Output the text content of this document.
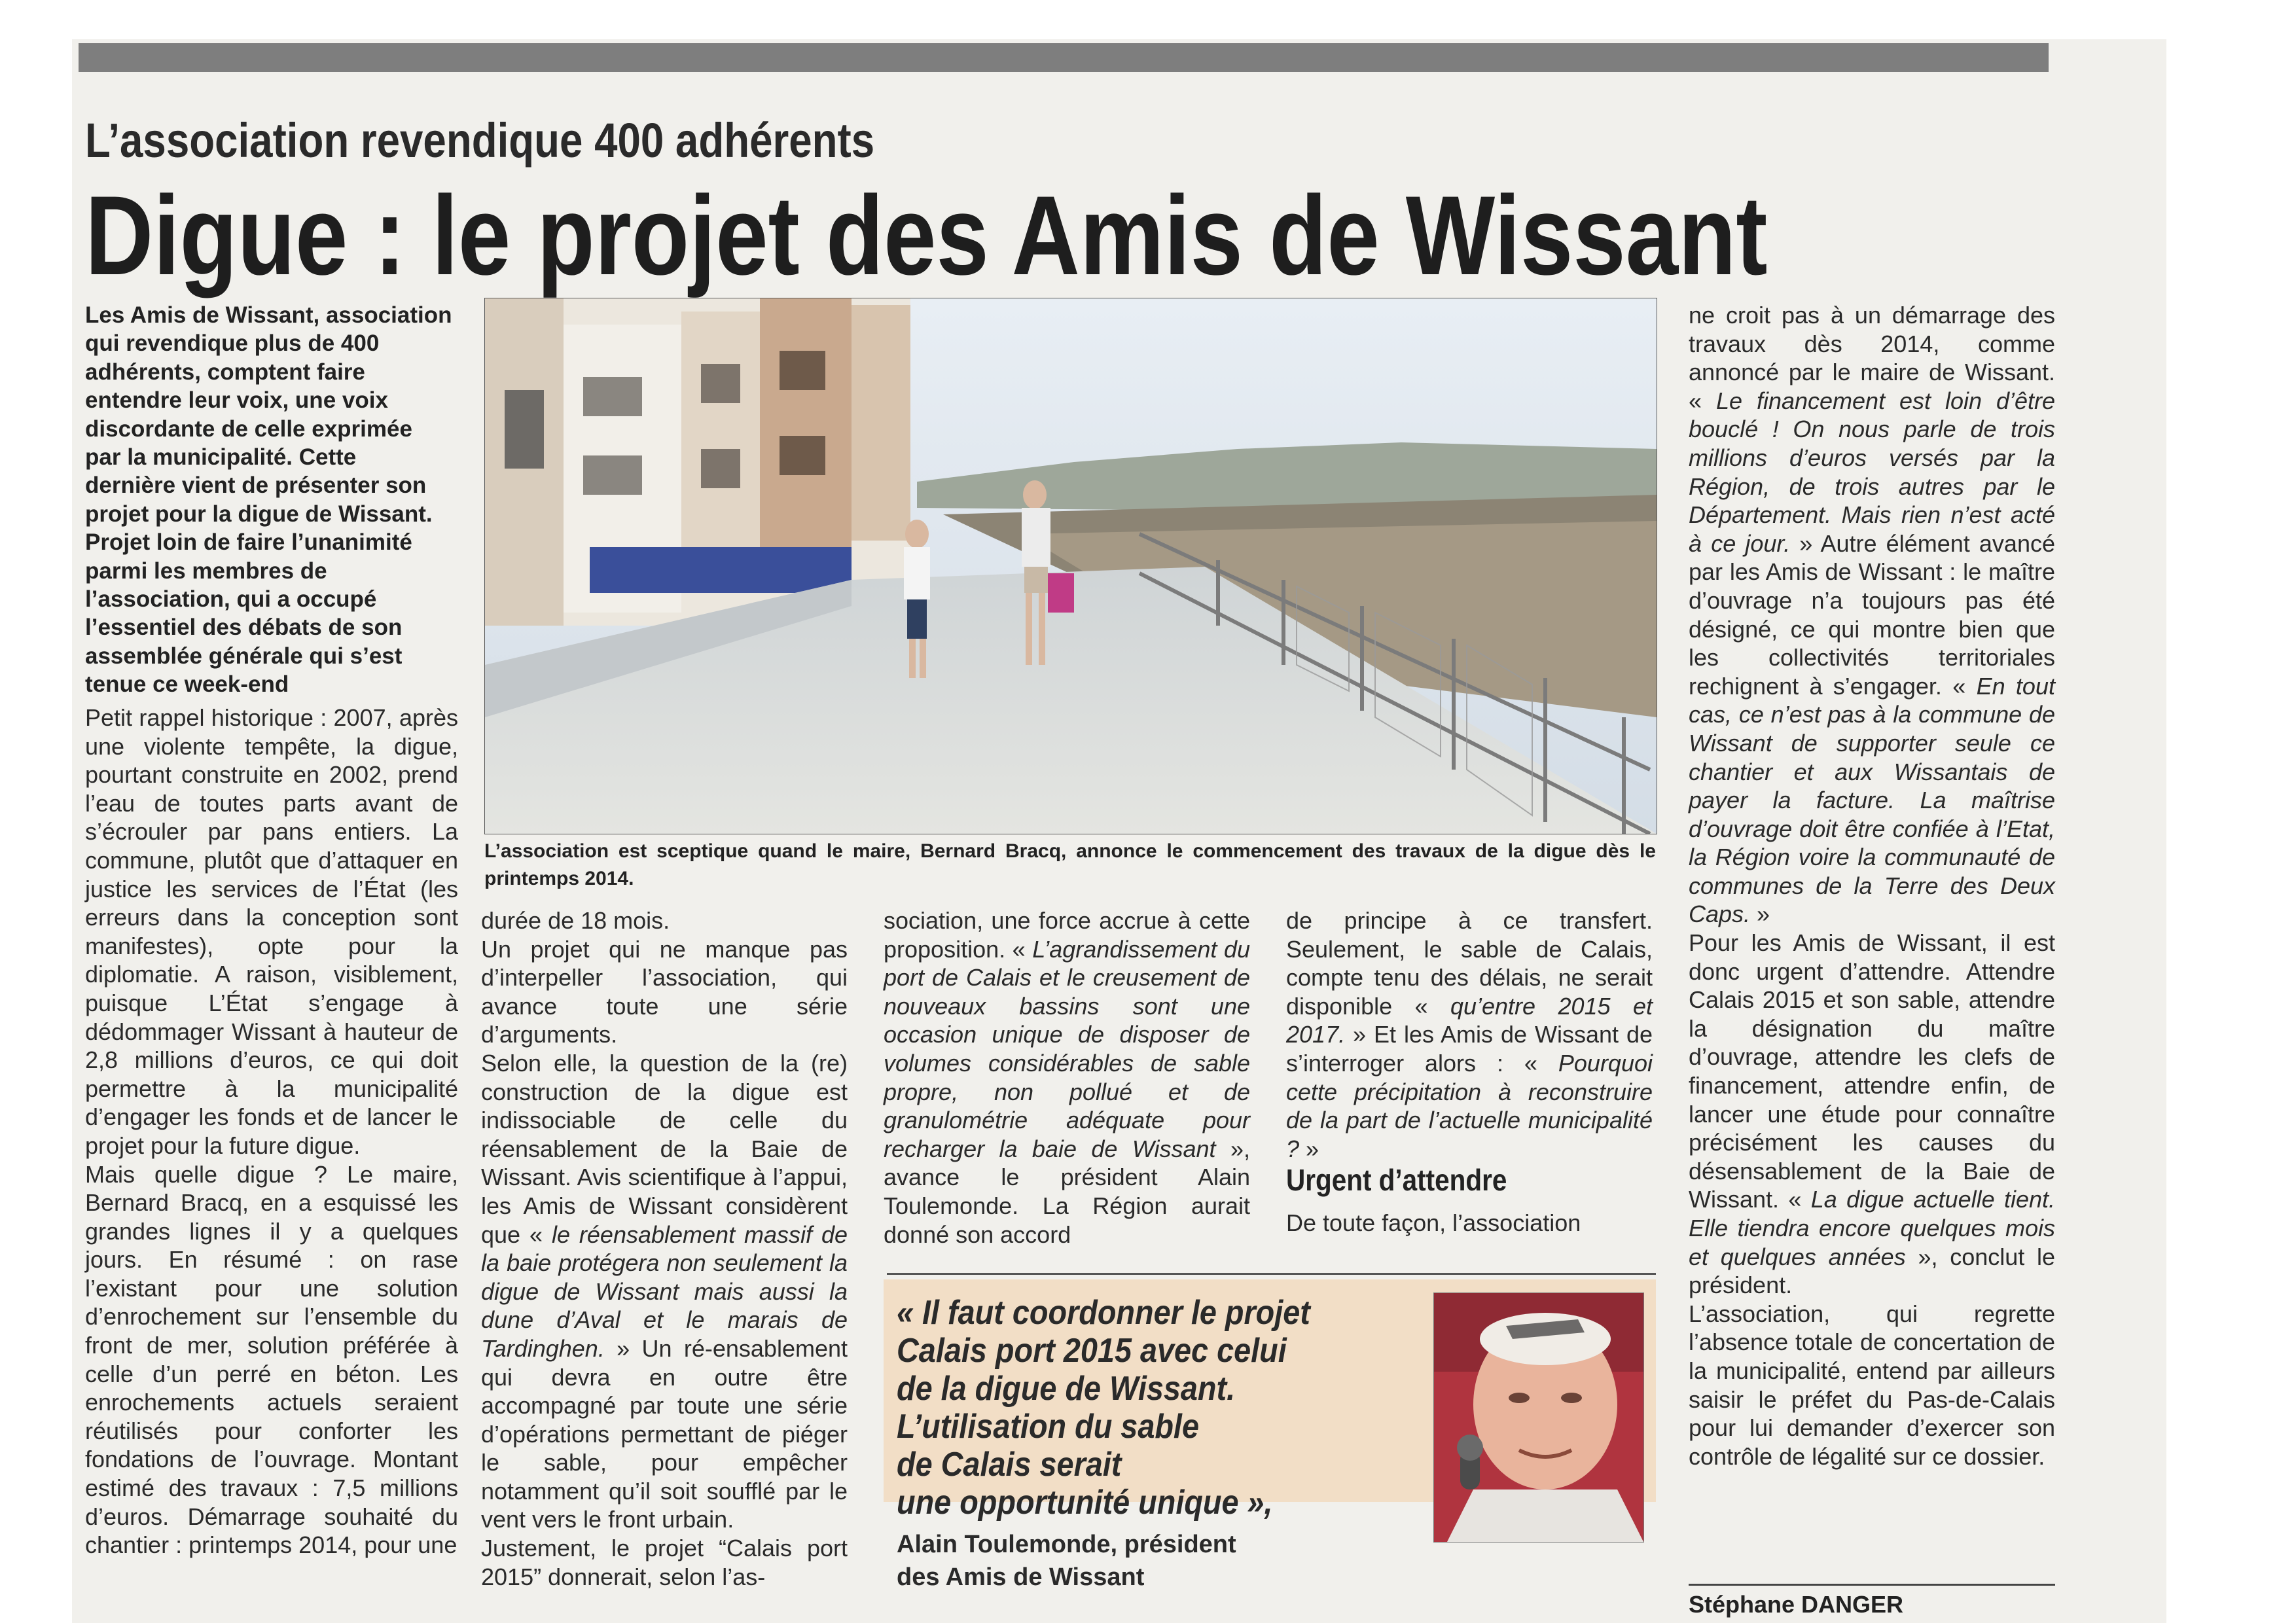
L’association revendique 400 adhérents
Digue : le projet des Amis de Wissant
Les Amis de Wissant, association
qui revendique plus de 400
adhérents, comptent faire
entendre leur voix, une voix
discordante de celle exprimée
par la municipalité. Cette
dernière vient de présenter son
projet pour la digue de Wissant.
Projet loin de faire l’unanimité
parmi les membres de
l’association, qui a occupé
l’essentiel des débats de son
assemblée générale qui s’est
tenue ce week-end

Petit rappel historique : 2007, après une violente tempête, la digue, pourtant construite en 2002, prend l’eau de toutes parts avant de s’écrouler par pans entiers. La commune, plutôt que d’attaquer en justice les services de l’État (les erreurs dans la conception sont manifestes), opte pour la diplomatie. A raison, visiblement, puisque L’État s’engage à dédommager Wissant à hauteur de 2,8 millions d’euros, ce qui doit permettre à la municipalité d’engager les fonds et de lancer le projet pour la future digue.

Mais quelle digue ? Le maire, Bernard Bracq, en a esquissé les grandes lignes il y a quelques jours. En résumé : on rase l’existant pour une solution d’enrochement sur l’ensemble du front de mer, solution préférée à celle d’un perré en béton. Les enrochements actuels seraient réutilisés pour conforter les fondations de l’ouvrage. Montant estimé des travaux : 7,5 millions d’euros. Démarrage souhaité du chantier : printemps 2014, pour une

L’association est sceptique quand le maire, Bernard Bracq, annonce le commencement des travaux de la digue dès le printemps 2014.

durée de 18 mois.

Un projet qui ne manque pas d’interpeller l’association, qui avance toute une série d’arguments.

Selon elle, la question de la (re) construction de la digue est indissociable de celle du réensablement de la Baie de Wissant. Avis scientifique à l’appui, les Amis de Wissant considèrent que « le réensablement massif de la baie protégera non seulement la digue de Wissant mais aussi la dune d’Aval et le marais de Tardinghen. » Un ré-ensablement qui devra en outre être accompagné par toute une série d’opérations permettant de piéger le sable, pour empêcher notamment qu’il soit soufflé par le vent vers le front urbain.

Justement, le projet “Calais port 2015” donnerait, selon l’as-

sociation, une force accrue à cette proposition. « L’agrandissement du port de Calais et le creusement de nouveaux bassins sont une occasion unique de disposer de volumes considérables de sable propre, non pollué et de granulométrie adéquate pour recharger la baie de Wissant », avance le président Alain Toulemonde. La Région aurait donné son accord

de principe à ce transfert. Seulement, le sable de Calais, compte tenu des délais, ne serait disponible « qu’entre 2015 et 2017. » Et les Amis de Wissant de s’interroger alors : « Pourquoi cette précipitation à reconstruire de la part de l’actuelle municipalité ? »

Urgent d’attendre

De toute façon, l’association

ne croit pas à un démarrage des travaux dès 2014, comme annoncé par le maire de Wissant. « Le financement est loin d’être bouclé ! On nous parle de trois millions d’euros versés par la Région, de trois autres par le Département. Mais rien n’est acté à ce jour. » Autre élément avancé par les Amis de Wissant : le maître d’ouvrage n’a toujours pas été désigné, ce qui montre bien que les collectivités territoriales rechignent à s’engager. « En tout cas, ce n’est pas à la commune de Wissant de supporter seule ce chantier et aux Wissantais de payer la facture. La maîtrise d’ouvrage doit être confiée à l’Etat, la Région voire la communauté de communes de la Terre des Deux Caps. »

Pour les Amis de Wissant, il est donc urgent d’attendre. Attendre Calais 2015 et son sable, attendre la désignation du maître d’ouvrage, attendre les clefs de financement, attendre enfin, de lancer une étude pour connaître précisément les causes du désensablement de la Baie de Wissant. « La digue actuelle tient. Elle tiendra encore quelques mois et quelques années », conclut le président.

L’association, qui regrette l’absence totale de concertation de la municipalité, entend par ailleurs saisir le préfet du Pas-de-Calais pour lui demander d’exercer son contrôle de légalité sur ce dossier.

« Il faut coordonner le projet
Calais port 2015 avec celui
de la digue de Wissant.
L’utilisation du sable
de Calais serait
une opportunité unique »,
Alain Toulemonde, président
des Amis de Wissant
Stéphane DANGER
